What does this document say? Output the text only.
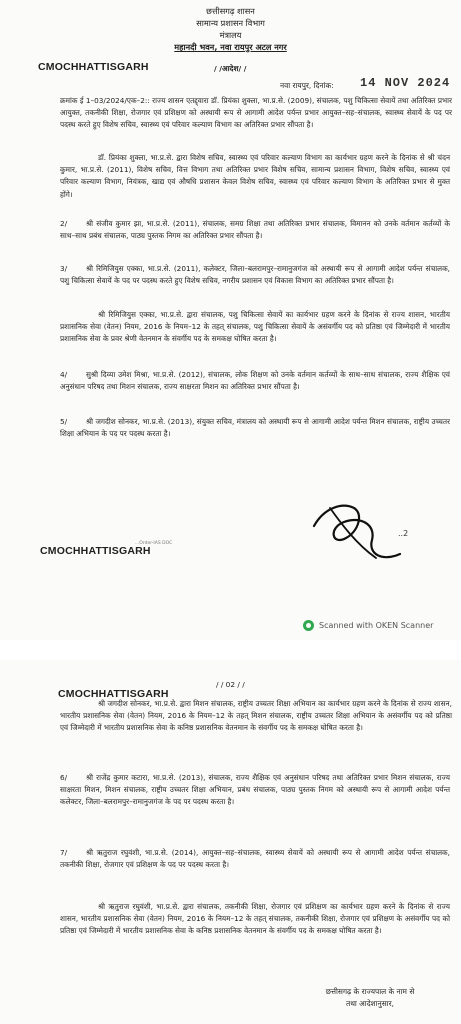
छत्तीसगढ़ शासन
सामान्य प्रशासन विभाग
मंत्रालय
महानदी भवन, नवा रायपुर अटल नगर
CMOCHHATTISGARH	/ /आदेश/ /
नवा रायपुर, दिनांक: 14 NOV 2024
क्रमांक ई 1–03/2024/एक–2:: राज्य शासन एतद्द्वारा डॉ. प्रियंका शुक्ला, भा.प्र.से. (2009), संचालक, पशु चिकित्सा सेवायें तथा अतिरिक्त प्रभार आयुक्त, तकनीकी शिक्षा, रोजगार एवं प्रशिक्षण को अस्थायी रूप से आगामी आदेश पर्यन्त प्रभार आयुक्त–सह–संचालक, स्वास्थ्य सेवायें के पद पर पदस्थ करते हुए विशेष सचिव, स्वास्थ्य एवं परिवार कल्याण विभाग का अतिरिक्त प्रभार सौंपता है।
डॉ. प्रियंका शुक्ला, भा.प्र.से. द्वारा विशेष सचिव, स्वास्थ्य एवं परिवार कल्याण विभाग का कार्यभार ग्रहण करने के दिनांक से श्री चंदन कुमार, भा.प्र.से. (2011), विशेष सचिव, वित्त विभाग तथा अतिरिक्त प्रभार विशेष सचिव, सामान्य प्रशासन विभाग, विशेष सचिव, स्वास्थ्य एवं परिवार कल्याण विभाग, नियंत्रक, खाद्य एवं औषधि प्रशासन केवल विशेष सचिव, स्वास्थ्य एवं परिवार कल्याण विभाग के अतिरिक्त प्रभार से मुक्त होंगे।
2/	श्री संजीव कुमार झा, भा.प्र.से. (2011), संचालक, समग्र शिक्षा तथा अतिरिक्त प्रभार संचालक, विमानन को उनके वर्तमान कर्तव्यों के साथ–साथ प्रबंध संचालक, पाठ्य पुस्तक निगम का अतिरिक्त प्रभार सौंपता है।
3/	श्री रिमिजियुस एक्का, भा.प्र.से. (2011), कलेक्टर, जिला–बलरामपुर–रामानुजगंज को अस्थायी रूप से आगामी आदेश पर्यन्त संचालक, पशु चिकित्सा सेवायें के पद पर पदस्थ करते हुए विशेष सचिव, नगरीय प्रशासन एवं विकास विभाग का अतिरिक्त प्रभार सौंपता है।
श्री रिमिजियुस एक्का, भा.प्र.से. द्वारा संचालक, पशु चिकित्सा सेवायें का कार्यभार ग्रहण करने के दिनांक से राज्य शासन, भारतीय प्रशासनिक सेवा (वेतन) नियम, 2016 के नियम–12 के तहत् संचालक, पशु चिकित्सा सेवायें के असंवर्गीय पद को प्रतिष्ठा एवं जिम्मेदारी में भारतीय प्रशासनिक सेवा के प्रवर श्रेणी वेतनमान के संवर्गीय पद के समकक्ष घोषित करता है।
4/	सुश्री दिव्या उमेश मिश्रा, भा.प्र.से. (2012), संचालक, लोक शिक्षण को उनके वर्तमान कर्तव्यों के साथ–साथ संचालक, राज्य शैक्षिक एवं अनुसंधान परिषद तथा मिशन संचालक, राज्य साक्षरता मिशन का अतिरिक्त प्रभार सौंपता है।
5/	श्री जगदीश सोनकर, भा.प्र.से. (2013), संयुक्त सचिव, मंत्रालय को अस्थायी रूप से आगामी आदेश पर्यन्त मिशन संचालक, राष्ट्रीय उच्चतर शिक्षा अभियान के पद पर पदस्थ करता है।
..2
CMOCHHATTISGARH
...Order-IAS DOC
Scanned with OKEN Scanner
CMOCHHATTISGARH
/ / 02 / /
श्री जगदीश सोनकर, भा.प्र.से. द्वारा मिशन संचालक, राष्ट्रीय उच्चतर शिक्षा अभियान का कार्यभार ग्रहण करने के दिनांक से राज्य शासन, भारतीय प्रशासनिक सेवा (वेतन) नियम, 2016 के नियम–12 के तहत् मिशन संचालक, राष्ट्रीय उच्चतर शिक्षा अभियान के असंवर्गीय पद को प्रतिष्ठा एवं जिम्मेदारी में भारतीय प्रशासनिक सेवा के कनिष्ठ प्रशासनिक वेतनमान के संवर्गीय पद के समकक्ष घोषित करता है।
6/	श्री राजेंद्र कुमार कटारा, भा.प्र.से. (2013), संचालक, राज्य शैक्षिक एवं अनुसंधान परिषद तथा अतिरिक्त प्रभार मिशन संचालक, राज्य साक्षरता मिशन, मिशन संचालक, राष्ट्रीय उच्चतर शिक्षा अभियान, प्रबंध संचालक, पाठ्य पुस्तक निगम को अस्थायी रूप से आगामी आदेश पर्यन्त कलेक्टर, जिला–बलरामपुर–रामानुजगंज के पद पर पदस्थ करता है।
7/	श्री ऋतुराज रघुवंशी, भा.प्र.से. (2014), आयुक्त–सह–संचालक, स्वास्थ्य सेवायें को अस्थायी रूप से आगामी आदेश पर्यन्त संचालक, तकनीकी शिक्षा, रोजगार एवं प्रशिक्षण के पद पर पदस्थ करता है।
श्री ऋतुराज रघुवंशी, भा.प्र.से. द्वारा संचालक, तकनीकी शिक्षा, रोजगार एवं प्रशिक्षण का कार्यभार ग्रहण करने के दिनांक से राज्य शासन, भारतीय प्रशासनिक सेवा (वेतन) नियम, 2016 के नियम–12 के तहत् संचालक, तकनीकी शिक्षा, रोजगार एवं प्रशिक्षण के असंवर्गीय पद को प्रतिष्ठा एवं जिम्मेदारी में भारतीय प्रशासनिक सेवा के कनिष्ठ प्रशासनिक वेतनमान के संवर्गीय पद के समकक्ष घोषित करता है।
छत्तीसगढ़ के राज्यपाल के नाम से
तथा आदेशानुसार,
